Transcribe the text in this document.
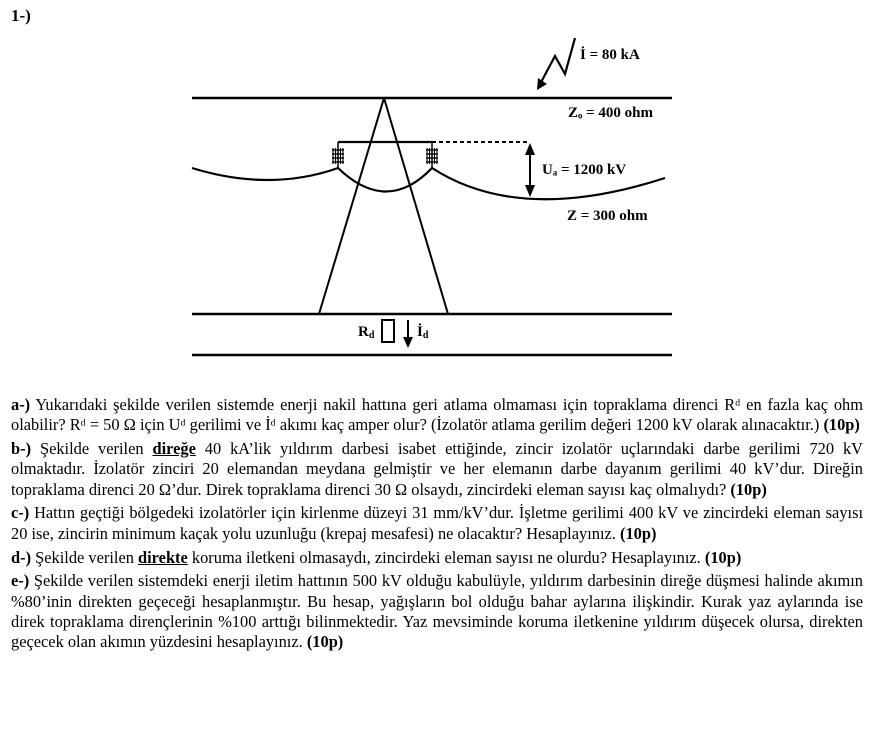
1-)
İ = 80 kA
Zₒ = 400 ohm
Uₐ = 1200 kV
Z = 300 ohm
Rd	İd

a-) Yukarıdaki şekilde verilen sistemde enerji nakil hattına geri atlama olmaması için topraklama direnci Rᵈ en fazla kaç ohm olabilir? Rᵈ = 50 Ω için Uᵈ gerilimi ve İᵈ akımı kaç amper olur? (İzolatör atlama gerilim değeri 1200 kV olarak alınacaktır.) (10p)

b-) Şekilde verilen direğe 40 kA’lik yıldırım darbesi isabet ettiğinde, zincir izolatör uçlarındaki darbe gerilimi 720 kV olmaktadır. İzolatör zinciri 20 elemandan meydana gelmiştir ve her elemanın darbe dayanım gerilimi 40 kV’dur. Direğin topraklama direnci 20 Ω’dur. Direk topraklama direnci 30 Ω olsaydı, zincirdeki eleman sayısı kaç olmalıydı? (10p)

c-) Hattın geçtiği bölgedeki izolatörler için kirlenme düzeyi 31 mm/kV’dur. İşletme gerilimi 400 kV ve zincirdeki eleman sayısı 20 ise, zincirin minimum kaçak yolu uzunluğu (krepaj mesafesi) ne olacaktır? Hesaplayınız. (10p)

d-) Şekilde verilen direkte koruma iletkeni olmasaydı, zincirdeki eleman sayısı ne olurdu? Hesaplayınız. (10p)

e-) Şekilde verilen sistemdeki enerji iletim hattının 500 kV olduğu kabulüyle, yıldırım darbesinin direğe düşmesi halinde akımın %80’inin direkten geçeceği hesaplanmıştır. Bu hesap, yağışların bol olduğu bahar aylarına ilişkindir. Kurak yaz aylarında ise direk topraklama dirençlerinin %100 arttığı bilinmektedir. Yaz mevsiminde koruma iletkenine yıldırım düşecek olursa, direkten geçecek olan akımın yüzdesini hesaplayınız. (10p)
